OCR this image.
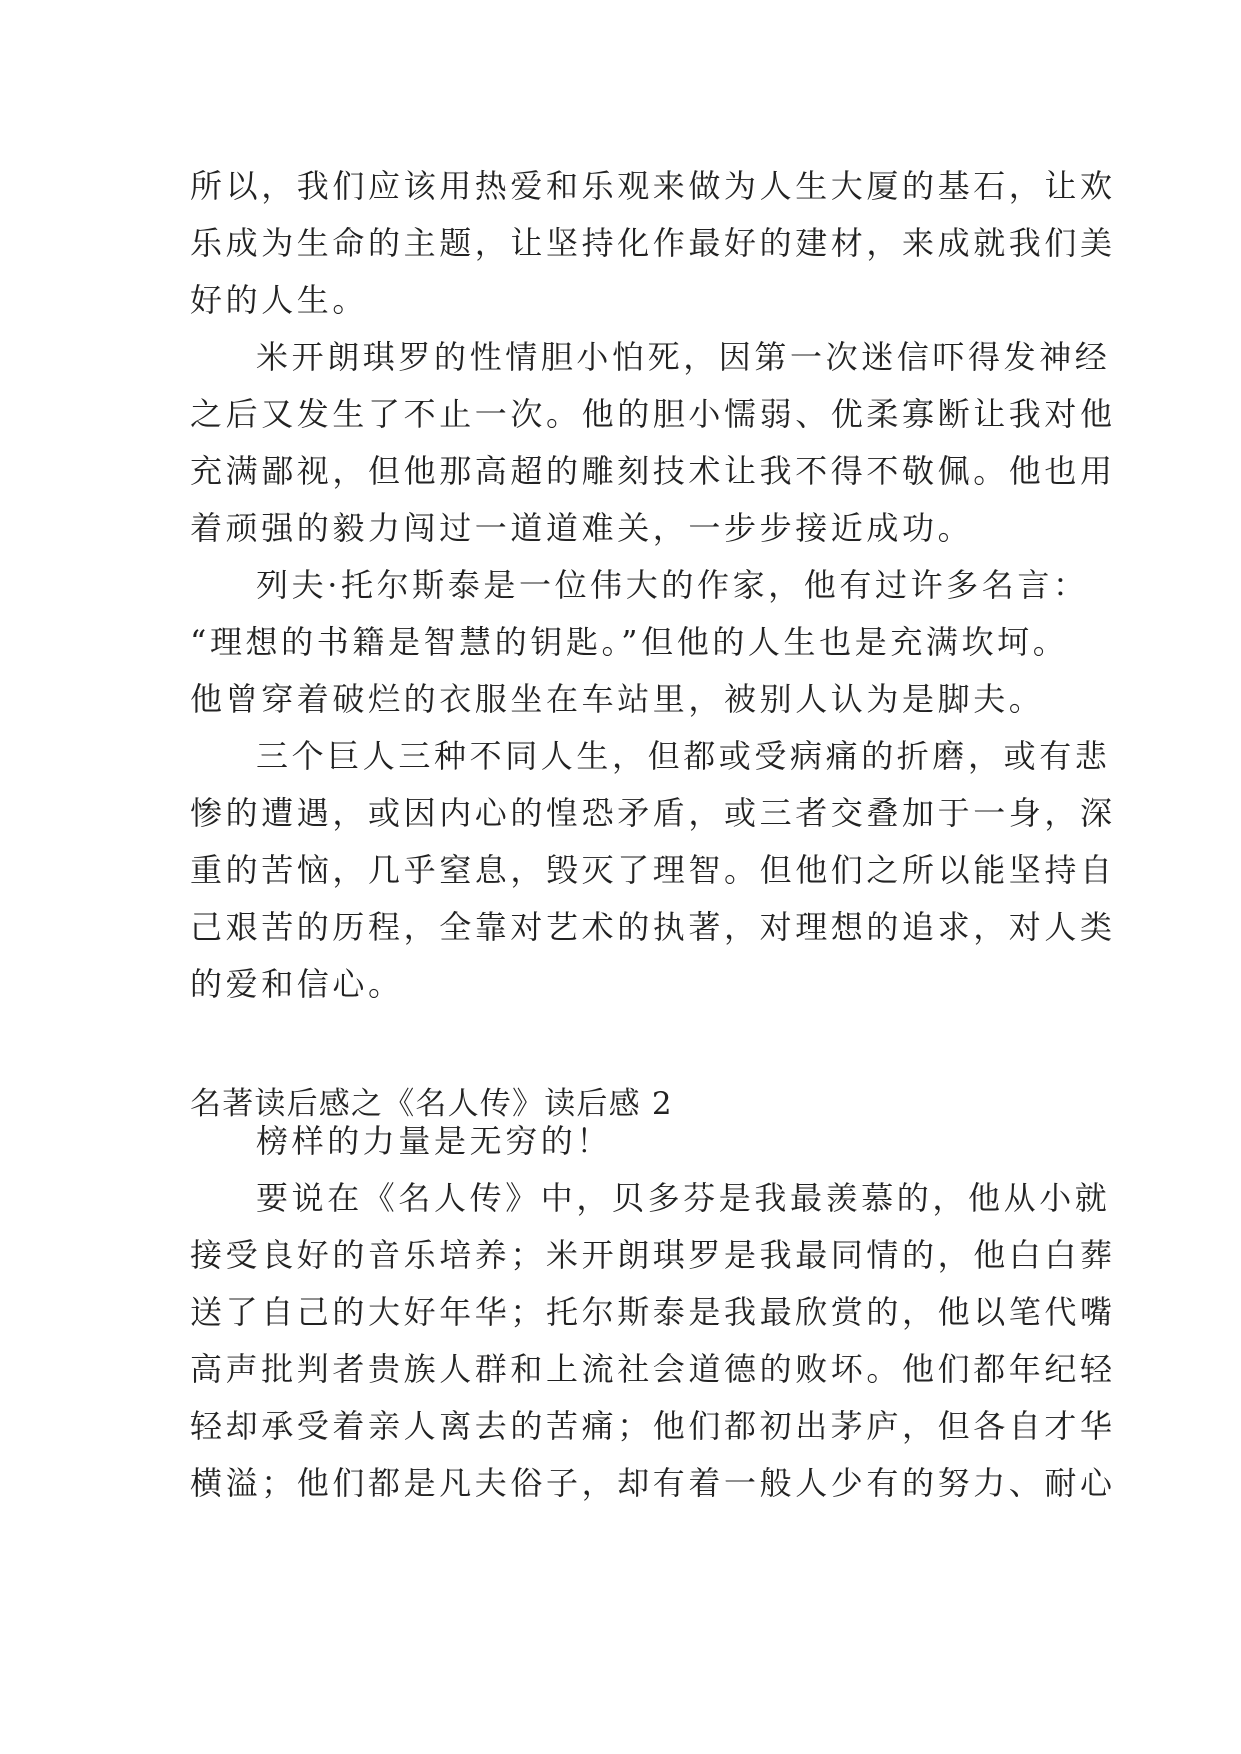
所以，我们应该用热爱和乐观来做为人生大厦的基石，让欢
乐成为生命的主题，让坚持化作最好的建材，来成就我们美
好的人生。
米开朗琪罗的性情胆小怕死，因第一次迷信吓得发神经
之后又发生了不止一次。他的胆小懦弱、优柔寡断让我对他
充满鄙视，但他那高超的雕刻技术让我不得不敬佩。他也用
着顽强的毅力闯过一道道难关，一步步接近成功。
列夫·托尔斯泰是一位伟大的作家，他有过许多名言：
“理想的书籍是智慧的钥匙。”但他的人生也是充满坎坷。
他曾穿着破烂的衣服坐在车站里，被别人认为是脚夫。
三个巨人三种不同人生，但都或受病痛的折磨，或有悲
惨的遭遇，或因内心的惶恐矛盾，或三者交叠加于一身，深
重的苦恼，几乎窒息，毁灭了理智。但他们之所以能坚持自
己艰苦的历程，全靠对艺术的执著，对理想的追求，对人类
的爱和信心。
名著读后感之《名人传》读后感 2
榜样的力量是无穷的！
要说在《名人传》中，贝多芬是我最羡慕的，他从小就
接受良好的音乐培养；米开朗琪罗是我最同情的，他白白葬
送了自己的大好年华；托尔斯泰是我最欣赏的，他以笔代嘴
高声批判者贵族人群和上流社会道德的败坏。他们都年纪轻
轻却承受着亲人离去的苦痛；他们都初出茅庐，但各自才华
横溢；他们都是凡夫俗子，却有着一般人少有的努力、耐心
